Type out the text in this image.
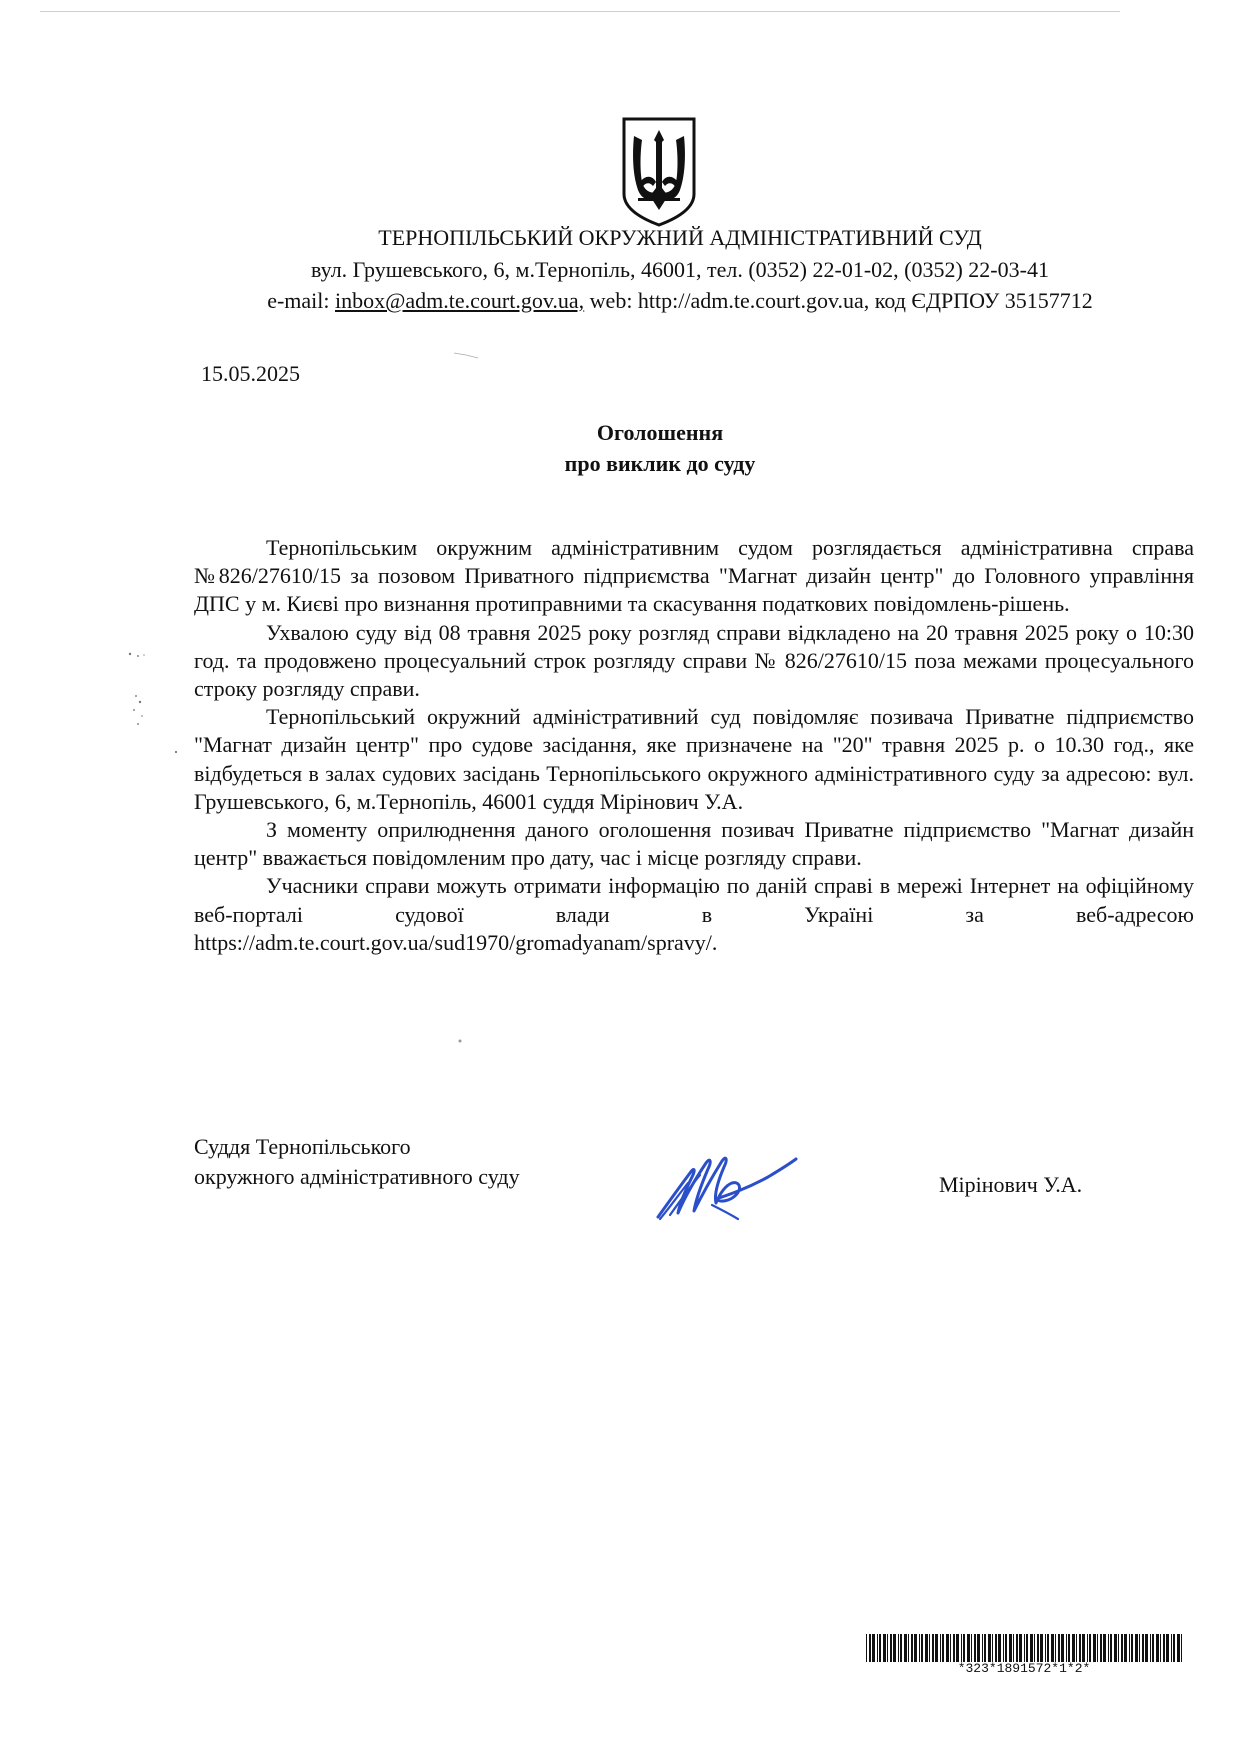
ТЕРНОПІЛЬСЬКИЙ ОКРУЖНИЙ АДМІНІСТРАТИВНИЙ СУД
вул. Грушевського, 6, м.Тернопіль, 46001, тел. (0352) 22-01-02, (0352) 22-03-41
e-mail: inbox@adm.te.court.gov.ua, web: http://adm.te.court.gov.ua, код ЄДРПОУ 35157712
15.05.2025
Оголошення
про виклик до суду

Тернопільським окружним адміністративним судом розглядається адміністративна справа №826/27610/15 за позовом Приватного підприємства "Магнат дизайн центр" до Головного управління ДПС у м. Києві про визнання протиправними та скасування податкових повідомлень-рішень.

Ухвалою суду від 08 травня 2025 року розгляд справи відкладено на 20 травня 2025 року о 10:30 год. та продовжено процесуальний строк розгляду справи № 826/27610/15 поза межами процесуального строку розгляду справи.

Тернопільський окружний адміністративний суд повідомляє позивача Приватне підприємство "Магнат дизайн центр" про судове засідання, яке призначене на "20" травня 2025 р. о 10.30 год., яке відбудеться в залах судових засідань Тернопільського окружного адміністративного суду за адресою: вул. Грушевського, 6, м.Тернопіль, 46001 суддя Мірінович У.А.

З моменту оприлюднення даного оголошення позивач Приватне підприємство "Магнат дизайн центр" вважається повідомленим про дату, час і місце розгляду справи.

Учасники справи можуть отримати інформацію по даній справі в мережі Інтернет на офіційному веб-порталі судової влади в Україні за веб-адресою https://adm.te.court.gov.ua/sud1970/gromadyanam/spravy/.

Суддя Тернопільського
окружного адміністративного суду	Мірінович У.А.
*323*1891572*1*2*
